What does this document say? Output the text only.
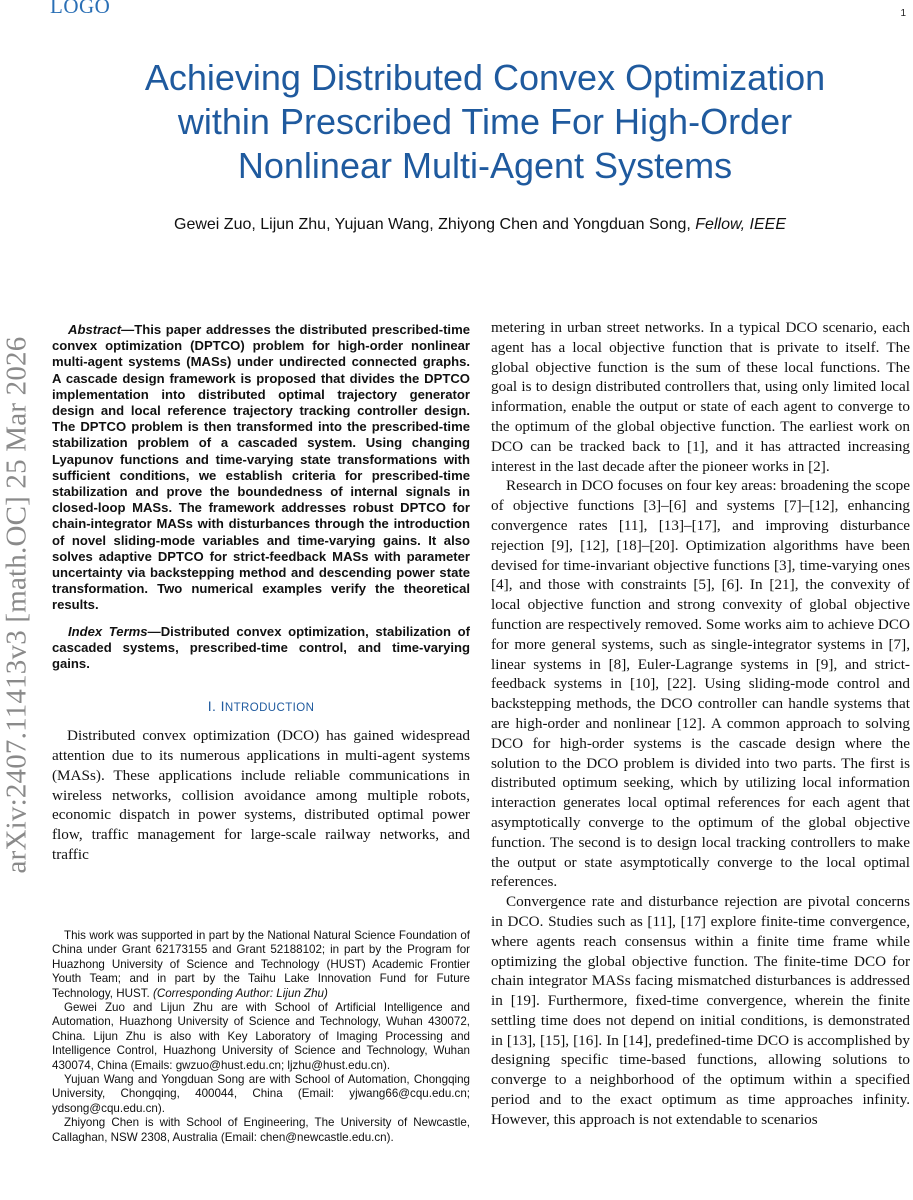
LOGO	1
arXiv:2407.11413v3 [math.OC] 25 Mar 2026
Achieving Distributed Convex Optimization
within Prescribed Time For High-Order
Nonlinear Multi-Agent Systems
Gewei Zuo, Lijun Zhu, Yujuan Wang, Zhiyong Chen and Yongduan Song, Fellow, IEEE

Abstract—This paper addresses the distributed prescribed-time convex optimization (DPTCO) problem for high-order nonlinear multi-agent systems (MASs) under undirected connected graphs. A cascade design framework is proposed that divides the DPTCO implementation into distributed optimal trajectory generator design and local reference trajectory tracking controller design. The DPTCO problem is then transformed into the prescribed-time stabilization problem of a cascaded system. Using changing Lyapunov functions and time-varying state transformations with sufficient conditions, we establish criteria for prescribed-time stabilization and prove the boundedness of internal signals in closed-loop MASs. The framework addresses robust DPTCO for chain-integrator MASs with disturbances through the introduction of novel sliding-mode variables and time-varying gains. It also solves adaptive DPTCO for strict-feedback MASs with parameter uncertainty via backstepping method and descending power state transformation. Two numerical examples verify the theoretical results.

Index Terms—Distributed convex optimization, stabilization of cascaded systems, prescribed-time control, and time-varying gains.

I. INTRODUCTION

Distributed convex optimization (DCO) has gained widespread attention due to its numerous applications in multi-agent systems (MASs). These applications include reliable communications in wireless networks, collision avoidance among multiple robots, economic dispatch in power systems, distributed optimal power flow, traffic management for large-scale railway networks, and traffic

metering in urban street networks. In a typical DCO scenario, each agent has a local objective function that is private to itself. The global objective function is the sum of these local functions. The goal is to design distributed controllers that, using only limited local information, enable the output or state of each agent to converge to the optimum of the global objective function. The earliest work on DCO can be tracked back to [1], and it has attracted increasing interest in the last decade after the pioneer works in [2].

Research in DCO focuses on four key areas: broadening the scope of objective functions [3]–[6] and systems [7]–[12], enhancing convergence rates [11], [13]–[17], and improving disturbance rejection [9], [12], [18]–[20]. Optimization algorithms have been devised for time-invariant objective functions [3], time-varying ones [4], and those with constraints [5], [6]. In [21], the convexity of local objective function and strong convexity of global objective function are respectively removed. Some works aim to achieve DCO for more general systems, such as single-integrator systems in [7], linear systems in [8], Euler-Lagrange systems in [9], and strict-feedback systems in [10], [22]. Using sliding-mode control and backstepping methods, the DCO controller can handle systems that are high-order and nonlinear [12]. A common approach to solving DCO for high-order systems is the cascade design where the solution to the DCO problem is divided into two parts. The first is distributed optimum seeking, which by utilizing local information interaction generates local optimal references for each agent that asymptotically converge to the optimum of the global objective function. The second is to design local tracking controllers to make the output or state asymptotically converge to the local optimal references.

Convergence rate and disturbance rejection are pivotal concerns in DCO. Studies such as [11], [17] explore finite-time convergence, where agents reach consensus within a finite time frame while optimizing the global objective function. The finite-time DCO for chain integrator MASs facing mismatched disturbances is addressed in [19]. Furthermore, fixed-time convergence, wherein the finite settling time does not depend on initial conditions, is demonstrated in [13], [15], [16]. In [14], predefined-time DCO is accomplished by designing specific time-based functions, allowing solutions to converge to a neighborhood of the optimum within a specified period and to the exact optimum as time approaches infinity. However, this approach is not extendable to scenarios

This work was supported in part by the National Natural Science Foundation of China under Grant 62173155 and Grant 52188102; in part by the Program for Huazhong University of Science and Technology (HUST) Academic Frontier Youth Team; and in part by the Taihu Lake Innovation Fund for Future Technology, HUST. (Corresponding Author: Lijun Zhu)

Gewei Zuo and Lijun Zhu are with School of Artificial Intelligence and Automation, Huazhong University of Science and Technology, Wuhan 430072, China. Lijun Zhu is also with Key Laboratory of Imaging Processing and Intelligence Control, Huazhong University of Science and Technology, Wuhan 430074, China (Emails: gwzuo@hust.edu.cn; ljzhu@hust.edu.cn).

Yujuan Wang and Yongduan Song are with School of Automation, Chongqing University, Chongqing, 400044, China (Email: yjwang66@cqu.edu.cn; ydsong@cqu.edu.cn).

Zhiyong Chen is with School of Engineering, The University of Newcastle, Callaghan, NSW 2308, Australia (Email: chen@newcastle.edu.cn).
